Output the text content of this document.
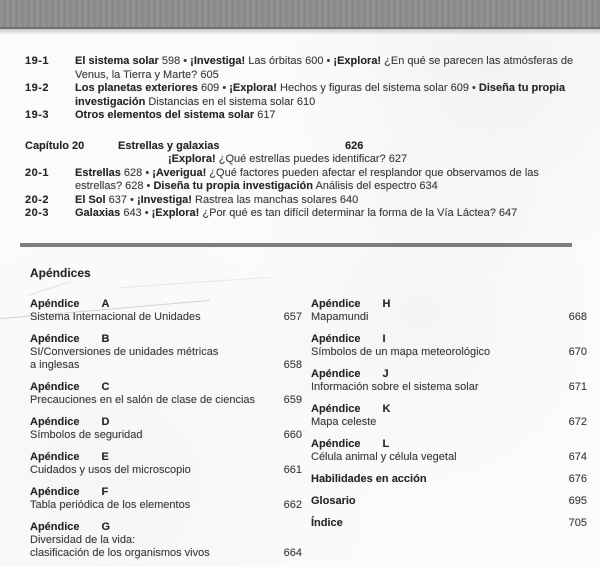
19-1	El sistema solar 598 • ¡Investiga! Las órbitas 600 • ¡Explora! ¿En qué se parecen las atmósferas de Venus, la Tierra y Marte? 605
19-2	Los planetas exteriores 609 • ¡Explora! Hechos y figuras del sistema solar 609 • Diseña tu propia investigación Distancias en el sistema solar 610
19-3	Otros elementos del sistema solar 617
Capítulo 20	Estrellas y galaxias	626
¡Explora! ¿Qué estrellas puedes identificar? 627
20-1	Estrellas 628 • ¡Averigua! ¿Qué factores pueden afectar el resplandor que observamos de las estrellas? 628 • Diseña tu propia investigación Análisis del espectro 634
20-2	El Sol 637 • ¡Investiga! Rastrea las manchas solares 640
20-3	Galaxias 643 • ¡Explora! ¿Por qué es tan difícil determinar la forma de la Vía Láctea? 647
Apéndices
Apéndice A
Sistema Internacional de Unidades	657
Apéndice B
SI/Conversiones de unidades métricas
a inglesas	658
Apéndice C
Precauciones en el salón de clase de ciencias	659
Apéndice D
Símbolos de seguridad	660
Apéndice E
Cuidados y usos del microscopio	661
Apéndice F
Tabla periódica de los elementos	662
Apéndice G
Diversidad de la vida:
clasificación de los organismos vivos	664
Apéndice H
Mapamundi	668
Apéndice I
Símbolos de un mapa meteorológico	670
Apéndice J
Información sobre el sistema solar	671
Apéndice K
Mapa celeste	672
Apéndice L
Célula animal y célula vegetal	674
Habilidades en acción	676
Glosario	695
Índice	705
